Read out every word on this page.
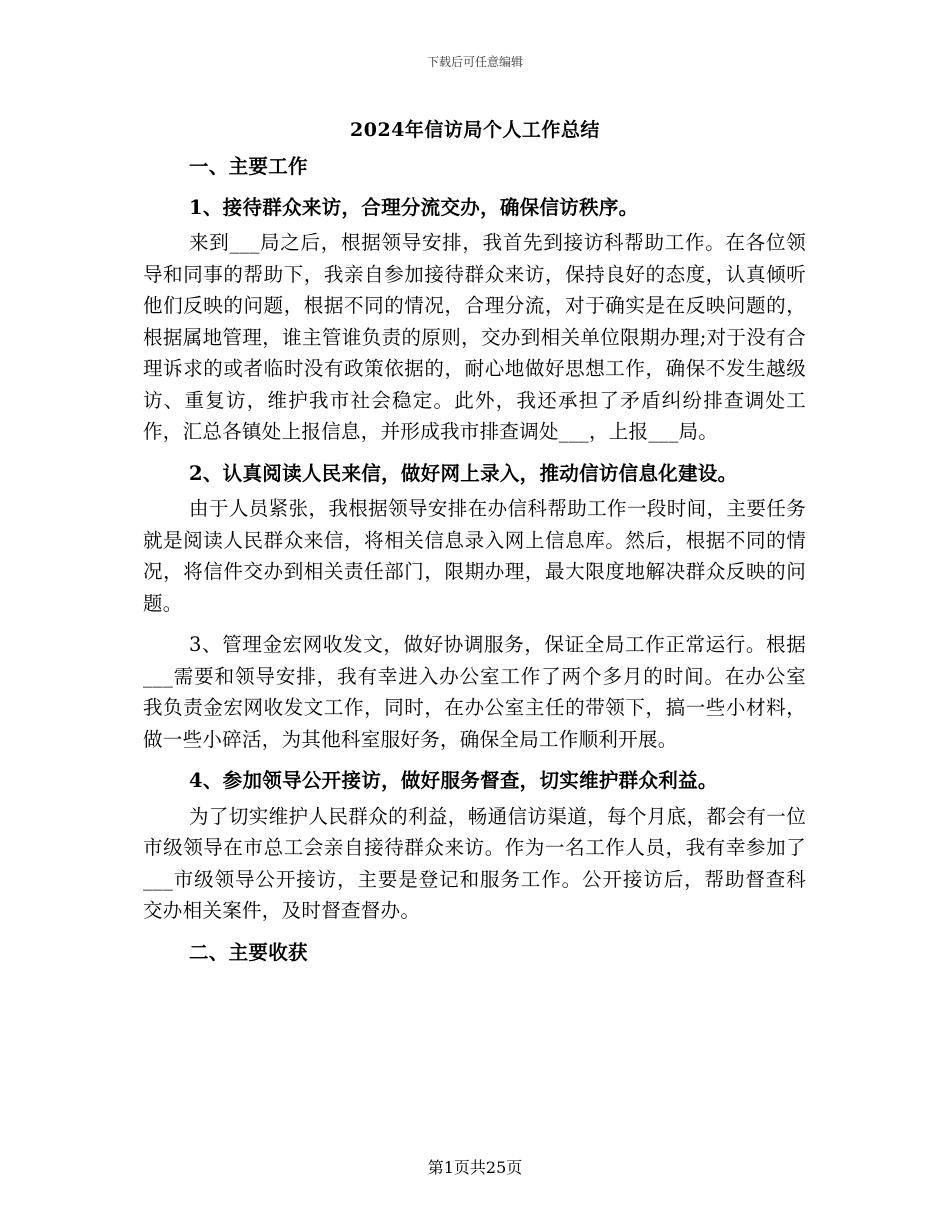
下载后可任意编辑
2024年信访局个人工作总结

一、主要工作

1、接待群众来访，合理分流交办，确保信访秩序。

来到___局之后，根据领导安排，我首先到接访科帮助工作。在各位领导和同事的帮助下，我亲自参加接待群众来访，保持良好的态度，认真倾听他们反映的问题，根据不同的情况，合理分流，对于确实是在反映问题的，根据属地管理，谁主管谁负责的原则，交办到相关单位限期办理;对于没有合理诉求的或者临时没有政策依据的，耐心地做好思想工作，确保不发生越级访、重复访，维护我市社会稳定。此外，我还承担了矛盾纠纷排查调处工作，汇总各镇处上报信息，并形成我市排查调处___，上报___局。

2、认真阅读人民来信，做好网上录入，推动信访信息化建设。

由于人员紧张，我根据领导安排在办信科帮助工作一段时间，主要任务就是阅读人民群众来信，将相关信息录入网上信息库。然后，根据不同的情况，将信件交办到相关责任部门，限期办理，最大限度地解决群众反映的问题。

3、管理金宏网收发文，做好协调服务，保证全局工作正常运行。根据___需要和领导安排，我有幸进入办公室工作了两个多月的时间。在办公室我负责金宏网收发文工作，同时，在办公室主任的带领下，搞一些小材料，做一些小碎活，为其他科室服好务，确保全局工作顺利开展。

4、参加领导公开接访，做好服务督查，切实维护群众利益。

为了切实维护人民群众的利益，畅通信访渠道，每个月底，都会有一位市级领导在市总工会亲自接待群众来访。作为一名工作人员，我有幸参加了___市级领导公开接访，主要是登记和服务工作。公开接访后，帮助督查科交办相关案件，及时督查督办。

二、主要收获

第1页共25页
